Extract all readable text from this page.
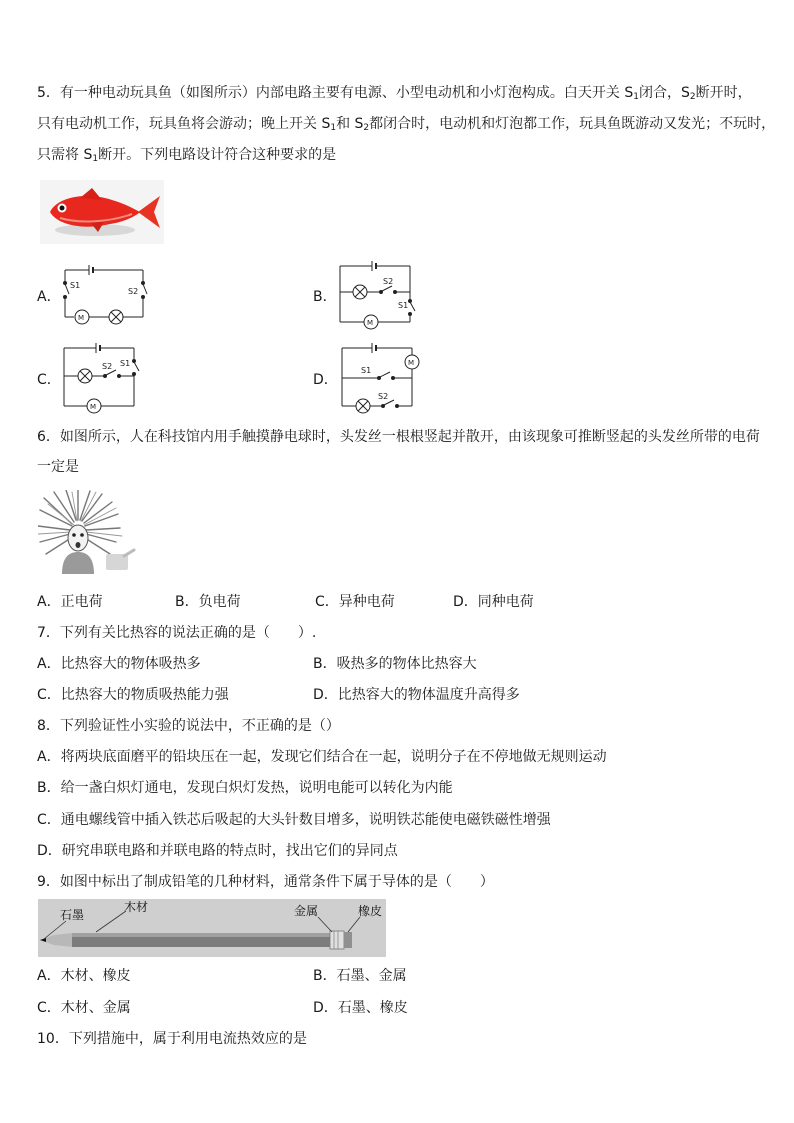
5．有一种电动玩具鱼（如图所示）内部电路主要有电源、小型电动机和小灯泡构成。白天开关 $S_1$闭合，$S_2$断开时，
只有电动机工作，玩具鱼将会游动；晚上开关 $S_1$和 $S_2$都闭合时，电动机和灯泡都工作，玩具鱼既游动又发光；不玩时，
只需将 $S_1$断开。下列电路设计符合这种要求的是
A．
S1
S2
M
B．
S2
S1
M
C．
S2 S1
M
D．
S1
S2
M
6．如图所示，人在科技馆内用手触摸静电球时，头发丝一根根竖起并散开，由该现象可推断竖起的头发丝所带的电荷
一定是
A．正电荷	B．负电荷	C．异种电荷	D．同种电荷
7．下列有关比热容的说法正确的是（　　）.
A．比热容大的物体吸热多	B．吸热多的物体比热容大
C．比热容大的物质吸热能力强	D．比热容大的物体温度升高得多
8．下列验证性小实验的说法中，不正确的是（）
A．将两块底面磨平的铅块压在一起，发现它们结合在一起，说明分子在不停地做无规则运动
B．给一盏白炽灯通电，发现白炽灯发热，说明电能可以转化为内能
C．通电螺线管中插入铁芯后吸起的大头针数目增多，说明铁芯能使电磁铁磁性增强
D．研究串联电路和并联电路的特点时，找出它们的异同点
9．如图中标出了制成铅笔的几种材料，通常条件下属于导体的是（　　）
石墨
木材	金属	橡皮
A．木材、橡皮	B．石墨、金属
C．木材、金属	D．石墨、橡皮
10．下列措施中，属于利用电流热效应的是
